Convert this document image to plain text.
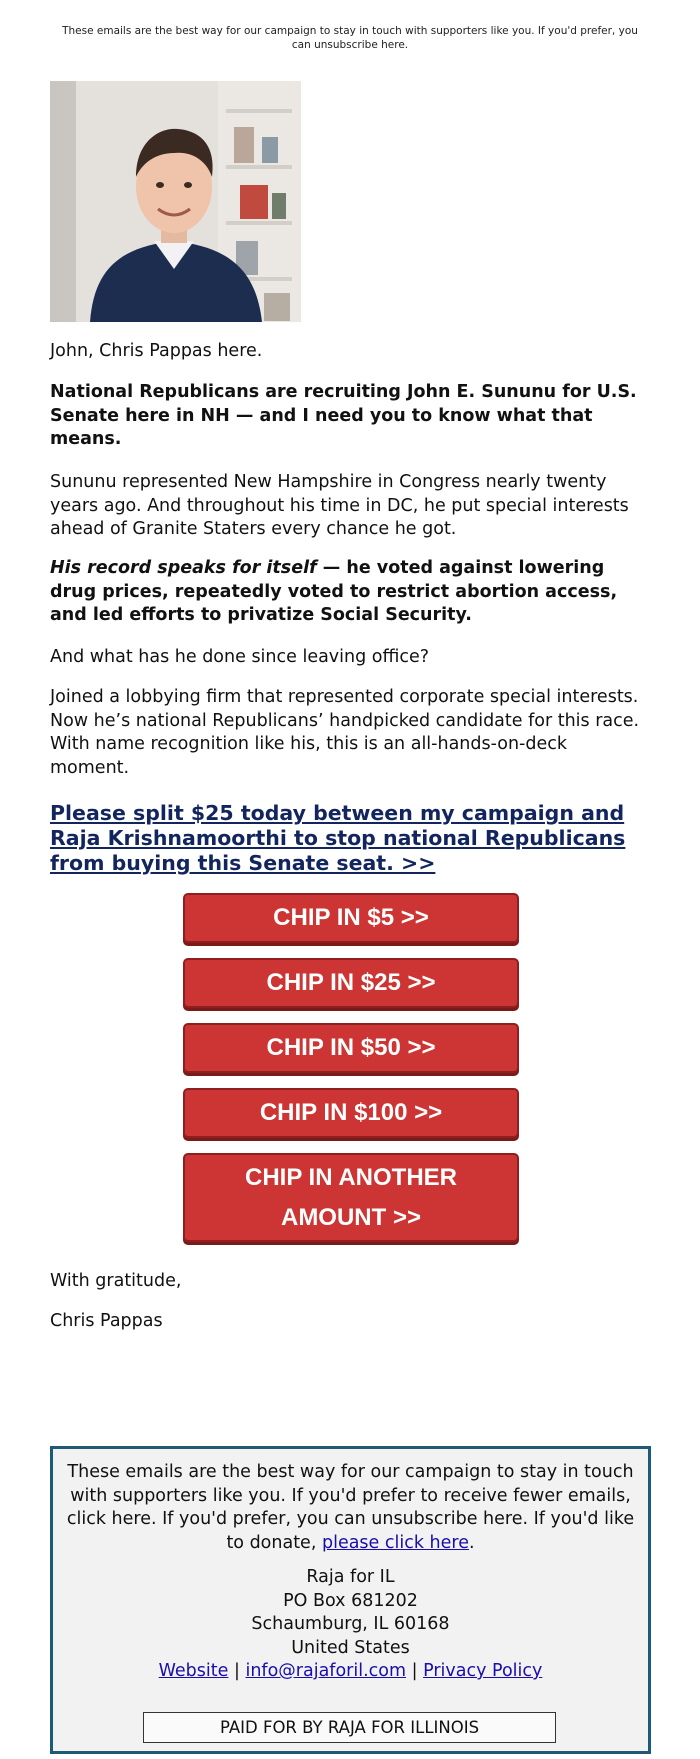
These emails are the best way for our campaign to stay in touch with supporters like you. If you'd prefer, you can unsubscribe here.
John, Chris Pappas here.
National Republicans are recruiting John E. Sununu for U.S. Senate here in NH — and I need you to know what that means.
Sununu represented New Hampshire in Congress nearly twenty years ago. And throughout his time in DC, he put special interests ahead of Granite Staters every chance he got.
His record speaks for itself — he voted against lowering drug prices, repeatedly voted to restrict abortion access, and led efforts to privatize Social Security.
And what has he done since leaving office?
Joined a lobbying firm that represented corporate special interests. Now he’s national Republicans’ handpicked candidate for this race. With name recognition like his, this is an all-hands-on-deck moment.
Please split $25 today between my campaign and Raja Krishnamoorthi to stop national Republicans from buying this Senate seat. >>
CHIP IN $5 >>
CHIP IN $25 >>
CHIP IN $50 >>
CHIP IN $100 >>
CHIP IN ANOTHER
AMOUNT >>
With gratitude,
Chris Pappas
These emails are the best way for our campaign to stay in touch with supporters like you. If you'd prefer to receive fewer emails, click here. If you'd prefer, you can unsubscribe here. If you'd like to donate, please click here.
Raja for IL
PO Box 681202
Schaumburg, IL 60168
United States
Website | info@rajaforil.com | Privacy Policy
PAID FOR BY RAJA FOR ILLINOIS
